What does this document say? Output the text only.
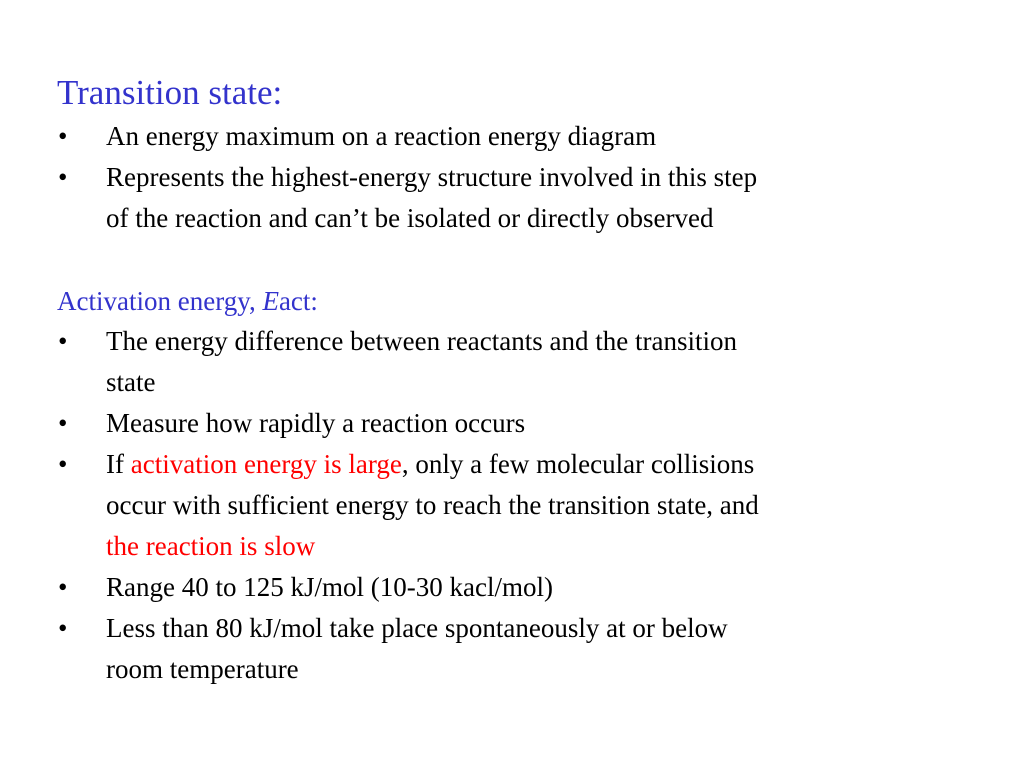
Transition state:
• An energy maximum on a reaction energy diagram
• Represents the highest-energy structure involved in this step
of the reaction and can’t be isolated or directly observed
Activation energy, Eact:
• The energy difference between reactants and the transition
state
• Measure how rapidly a reaction occurs
• If activation energy is large, only a few molecular collisions
occur with sufficient energy to reach the transition state, and
the reaction is slow
• Range 40 to 125 kJ/mol (10-30 kacl/mol)
• Less than 80 kJ/mol take place spontaneously at or below
room temperature
